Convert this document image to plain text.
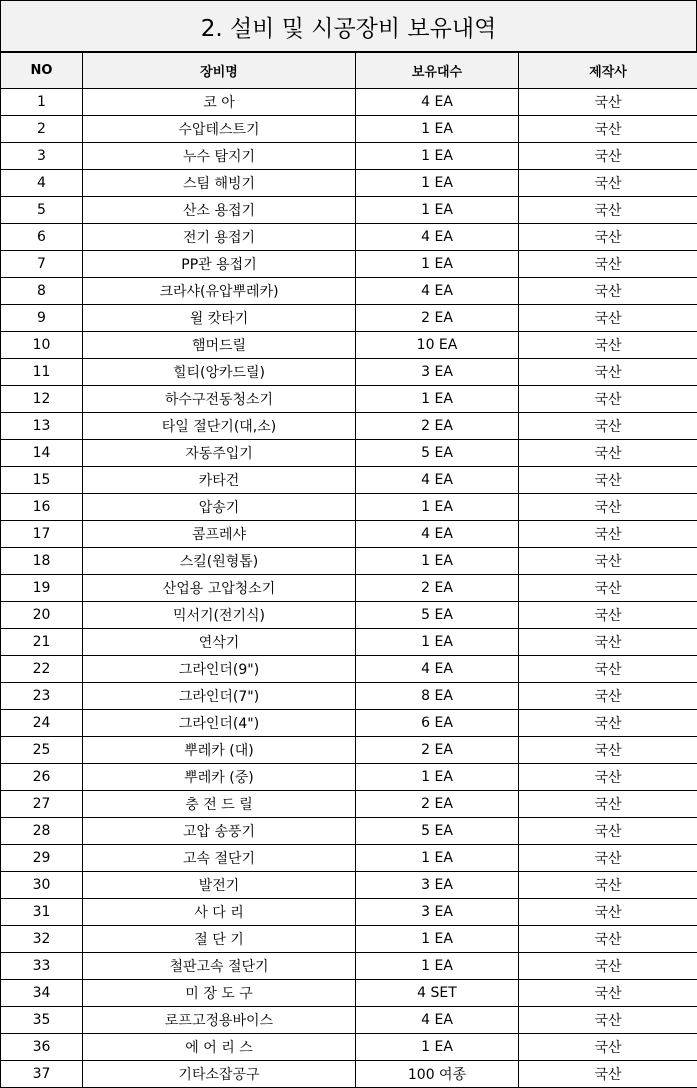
2. 설비 및 시공장비 보유내역
NO	장비명	보유대수	제작사
1	코 아	4 EA	국산
2	수압테스트기	1 EA	국산
3	누수 탐지기	1 EA	국산
4	스팀 해빙기	1 EA	국산
5	산소 용접기	1 EA	국산
6	전기 용접기	4 EA	국산
7	PP관 용접기	1 EA	국산
8	크라샤(유압뿌레카)	4 EA	국산
9	윌 캇타기	2 EA	국산
10	햄머드릴	10 EA	국산
11	힐티(앙카드릴)	3 EA	국산
12	하수구전동청소기	1 EA	국산
13	타일 절단기(대,소)	2 EA	국산
14	자동주입기	5 EA	국산
15	카타건	4 EA	국산
16	압송기	1 EA	국산
17	콤프레샤	4 EA	국산
18	스킬(원형톱)	1 EA	국산
19	산업용 고압청소기	2 EA	국산
20	믹서기(전기식)	5 EA	국산
21	연삭기	1 EA	국산
22	그라인더(9")	4 EA	국산
23	그라인더(7")	8 EA	국산
24	그라인더(4")	6 EA	국산
25	뿌레카 (대)	2 EA	국산
26	뿌레카 (중)	1 EA	국산
27	충 전 드 릴	2 EA	국산
28	고압 송풍기	5 EA	국산
29	고속 절단기	1 EA	국산
30	발전기	3 EA	국산
31	사 다 리	3 EA	국산
32	절 단 기	1 EA	국산
33	철판고속 절단기	1 EA	국산
34	미 장 도 구	4 SET	국산
35	로프고정용바이스	4 EA	국산
36	에 어 리 스	1 EA	국산
37	기타소잡공구	100 여종	국산
